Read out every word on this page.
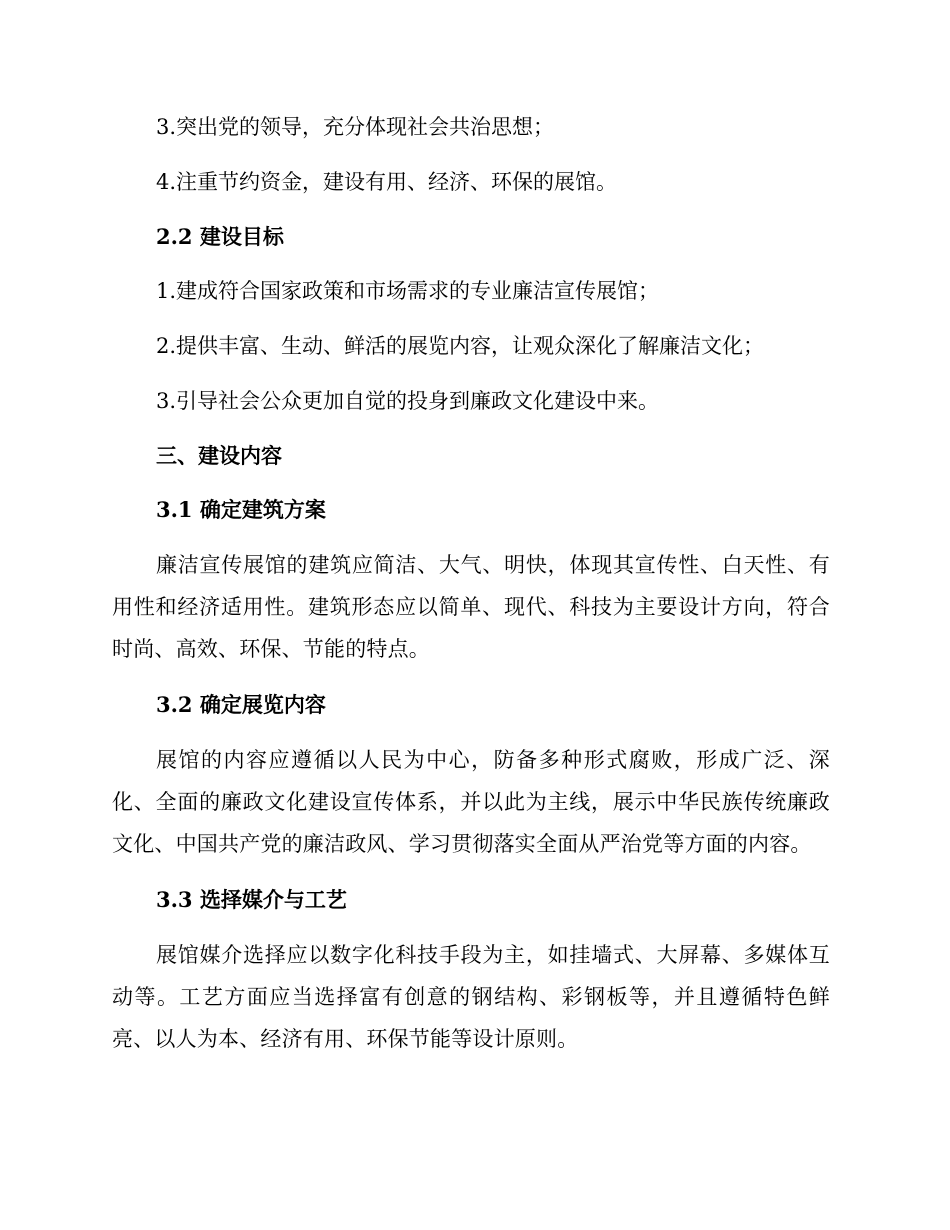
3.突出党的领导，充分体现社会共治思想；
4.注重节约资金，建设有用、经济、环保的展馆。
2.2 建设目标
1.建成符合国家政策和市场需求的专业廉洁宣传展馆；
2.提供丰富、生动、鲜活的展览内容，让观众深化了解廉洁文化；
3.引导社会公众更加自觉的投身到廉政文化建设中来。
三、建设内容
3.1 确定建筑方案
廉洁宣传展馆的建筑应简洁、大气、明快，体现其宣传性、白天性、有用性和经济适用性。建筑形态应以简单、现代、科技为主要设计方向，符合时尚、高效、环保、节能的特点。
3.2 确定展览内容
展馆的内容应遵循以人民为中心，防备多种形式腐败，形成广泛、深化、全面的廉政文化建设宣传体系，并以此为主线，展示中华民族传统廉政文化、中国共产党的廉洁政风、学习贯彻落实全面从严治党等方面的内容。
3.3 选择媒介与工艺
展馆媒介选择应以数字化科技手段为主，如挂墙式、大屏幕、多媒体互动等。工艺方面应当选择富有创意的钢结构、彩钢板等，并且遵循特色鲜亮、以人为本、经济有用、环保节能等设计原则。
